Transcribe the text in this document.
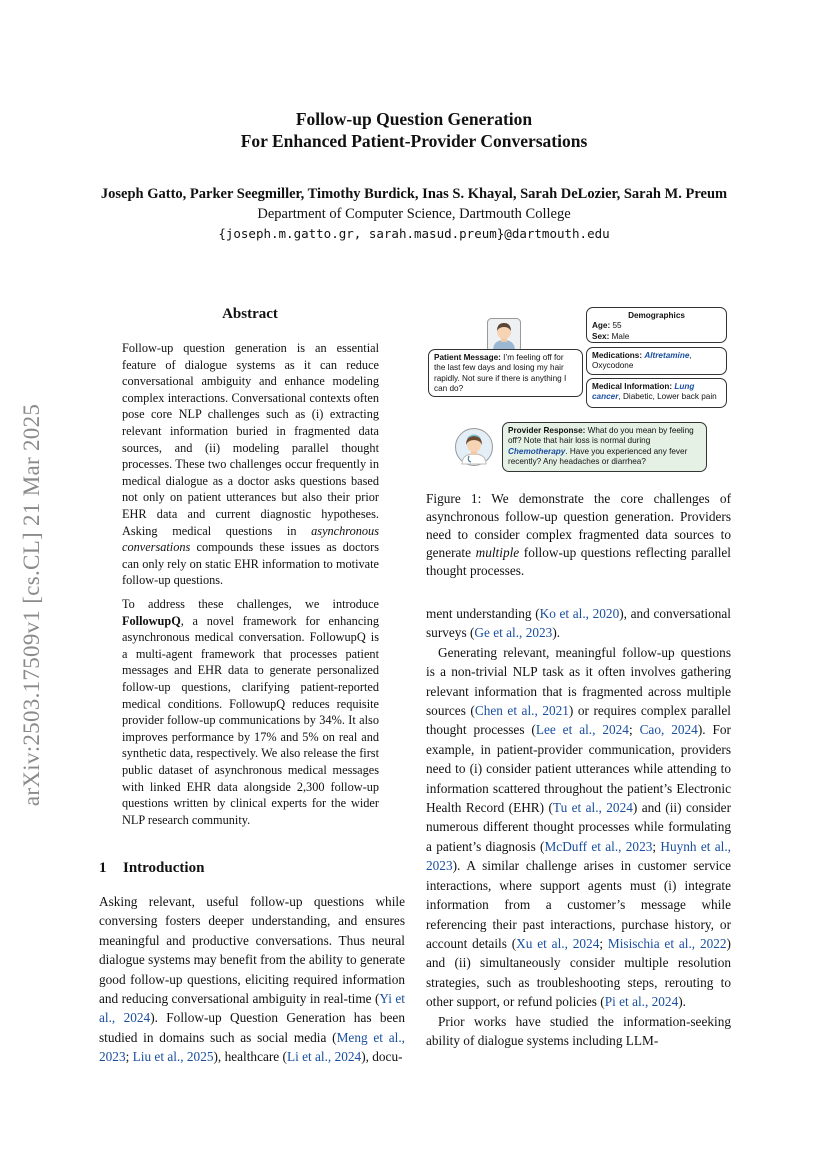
Follow-up Question Generation
For Enhanced Patient-Provider Conversations
Joseph Gatto, Parker Seegmiller, Timothy Burdick, Inas S. Khayal, Sarah DeLozier, Sarah M. Preum
Department of Computer Science, Dartmouth College
{joseph.m.gatto.gr, sarah.masud.preum}@dartmouth.edu
arXiv:2503.17509v1 [cs.CL] 21 Mar 2025
Abstract
Follow-up question generation is an essential feature of dialogue systems as it can reduce conversational ambiguity and enhance modeling complex interactions. Conversational contexts often pose core NLP challenges such as (i) extracting relevant information buried in fragmented data sources, and (ii) modeling parallel thought processes. These two challenges occur frequently in medical dialogue as a doctor asks questions based not only on patient utterances but also their prior EHR data and current diagnostic hypotheses. Asking medical questions in asynchronous conversations compounds these issues as doctors can only rely on static EHR information to motivate follow-up questions.
To address these challenges, we introduce FollowupQ, a novel framework for enhancing asynchronous medical conversation. FollowupQ is a multi-agent framework that processes patient messages and EHR data to generate personalized follow-up questions, clarifying patient-reported medical conditions. FollowupQ reduces requisite provider follow-up communications by 34%. It also improves performance by 17% and 5% on real and synthetic data, respectively. We also release the first public dataset of asynchronous medical messages with linked EHR data alongside 2,300 follow-up questions written by clinical experts for the wider NLP research community.
1 Introduction

Asking relevant, useful follow-up questions while conversing fosters deeper understanding, and ensures meaningful and productive conversations. Thus neural dialogue systems may benefit from the ability to generate good follow-up questions, eliciting required information and reducing conversational ambiguity in real-time (Yi et al., 2024). Follow-up Question Generation has been studied in domains such as social media (Meng et al., 2023; Liu et al., 2025), healthcare (Li et al., 2024), docu-

ment understanding (Ko et al., 2020), and conversational surveys (Ge et al., 2023).

Generating relevant, meaningful follow-up questions is a non-trivial NLP task as it often involves gathering relevant information that is fragmented across multiple sources (Chen et al., 2021) or requires complex parallel thought processes (Lee et al., 2024; Cao, 2024). For example, in patient-provider communication, providers need to (i) consider patient utterances while attending to information scattered throughout the patient’s Electronic Health Record (EHR) (Tu et al., 2024) and (ii) consider numerous different thought processes while formulating a patient’s diagnosis (McDuff et al., 2023; Huynh et al., 2023). A similar challenge arises in customer service interactions, where support agents must (i) integrate information from a customer’s message while referencing their past interactions, purchase history, or account details (Xu et al., 2024; Misischia et al., 2022) and (ii) simultaneously consider multiple resolution strategies, such as troubleshooting steps, rerouting to other support, or refund policies (Pi et al., 2024).

Prior works have studied the information-seeking ability of dialogue systems including LLM-

Patient Message: I’m feeling off for the last few days and losing my hair rapidly. Not sure if there is anything I can do?
Demographics
Age: 55
Sex: Male
Medications: Altretamine, Oxycodone
Medical Information: Lung cancer, Diabetic, Lower back pain
Provider Response: What do you mean by feeling off? Note that hair loss is normal during Chemotherapy. Have you experienced any fever recently? Any headaches or diarrhea?
Figure 1: We demonstrate the core challenges of asynchronous follow-up question generation. Providers need to consider complex fragmented data sources to generate multiple follow-up questions reflecting parallel thought processes.
